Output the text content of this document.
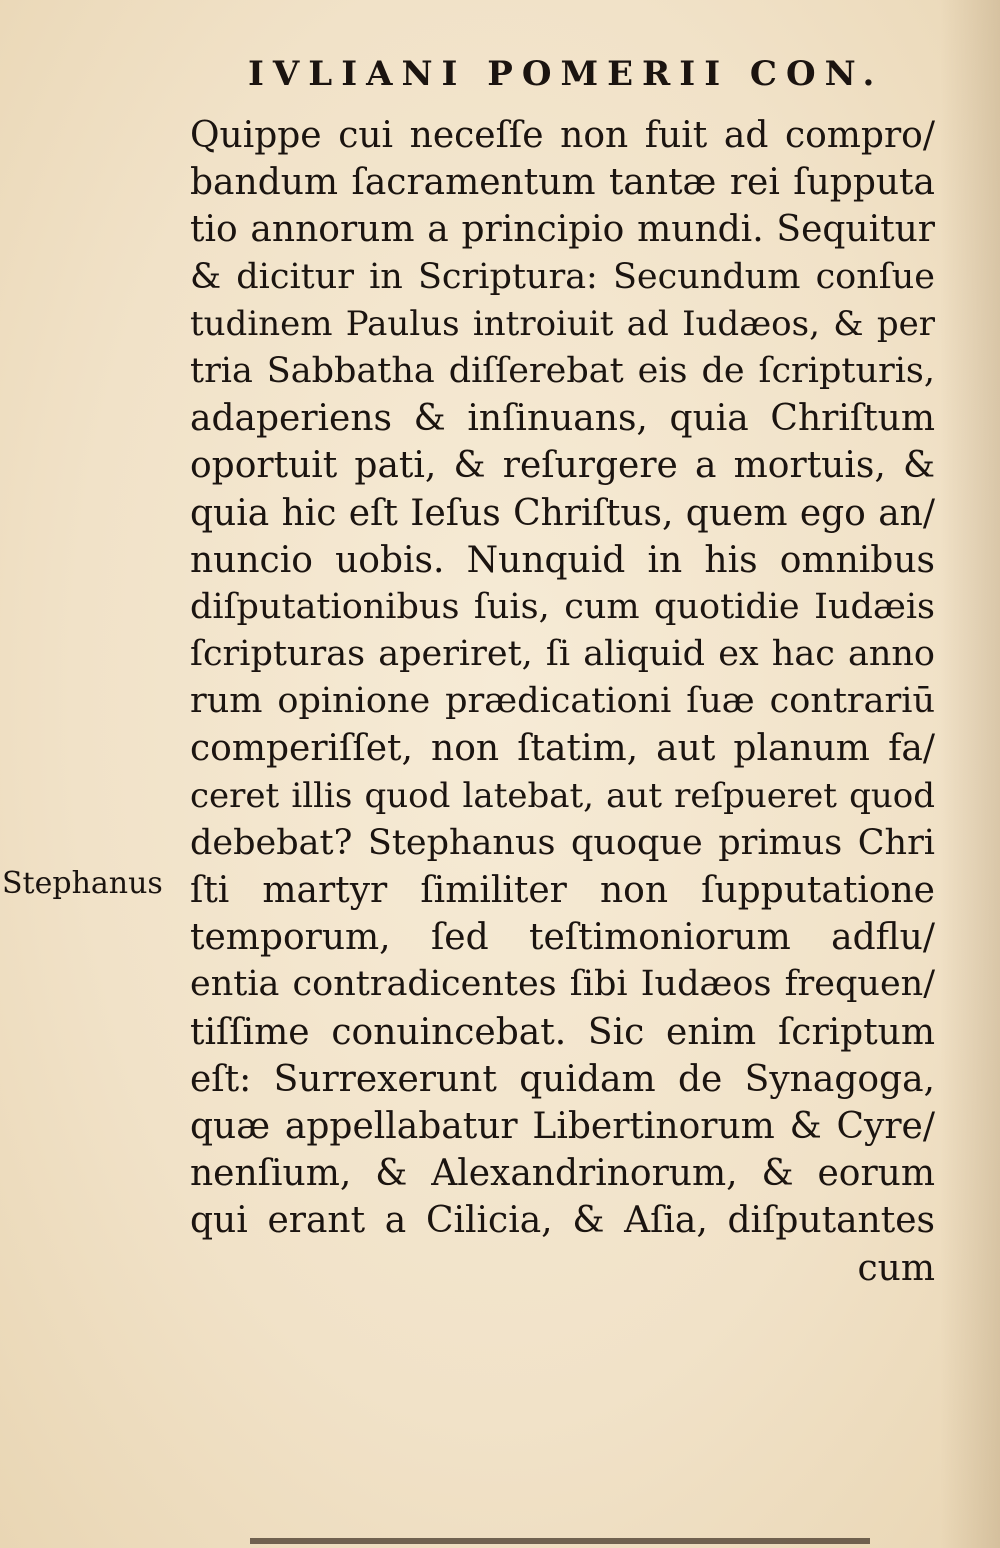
IVLIANI POMERII CON.
Stephanus
Quippe cui neceſſe non fuit ad compro/
bandum ſacramentum tantæ rei ſupputa
tio annorum a principio mundi. Sequitur
& dicitur in Scriptura: Secundum conſue
tudinem Paulus introiuit ad Iudæos, & per
tria Sabbatha diſſerebat eis de ſcripturis,
adaperiens & inſinuans, quia Chriſtum
oportuit pati, & reſurgere a mortuis, &
quia hic eſt Ieſus Chriſtus, quem ego an/
nuncio uobis. Nunquid in his omnibus
diſputationibus ſuis, cum quotidie Iudæis
ſcripturas aperiret, ſi aliquid ex hac anno
rum opinione prædicationi ſuæ contrariū
comperiſſet, non ſtatim, aut planum fa/
ceret illis quod latebat, aut reſpueret quod
debebat? Stephanus quoque primus Chri
ſti martyr ſimiliter non ſupputatione
temporum, ſed teſtimoniorum adflu/
entia contradicentes ſibi Iudæos frequen/
tiſſime conuincebat. Sic enim ſcriptum
eſt: Surrexerunt quidam de Synagoga,
quæ appellabatur Libertinorum & Cyre/
nenſium, & Alexandrinorum, & eorum
qui erant a Cilicia, & Aſia, diſputantes
cum
